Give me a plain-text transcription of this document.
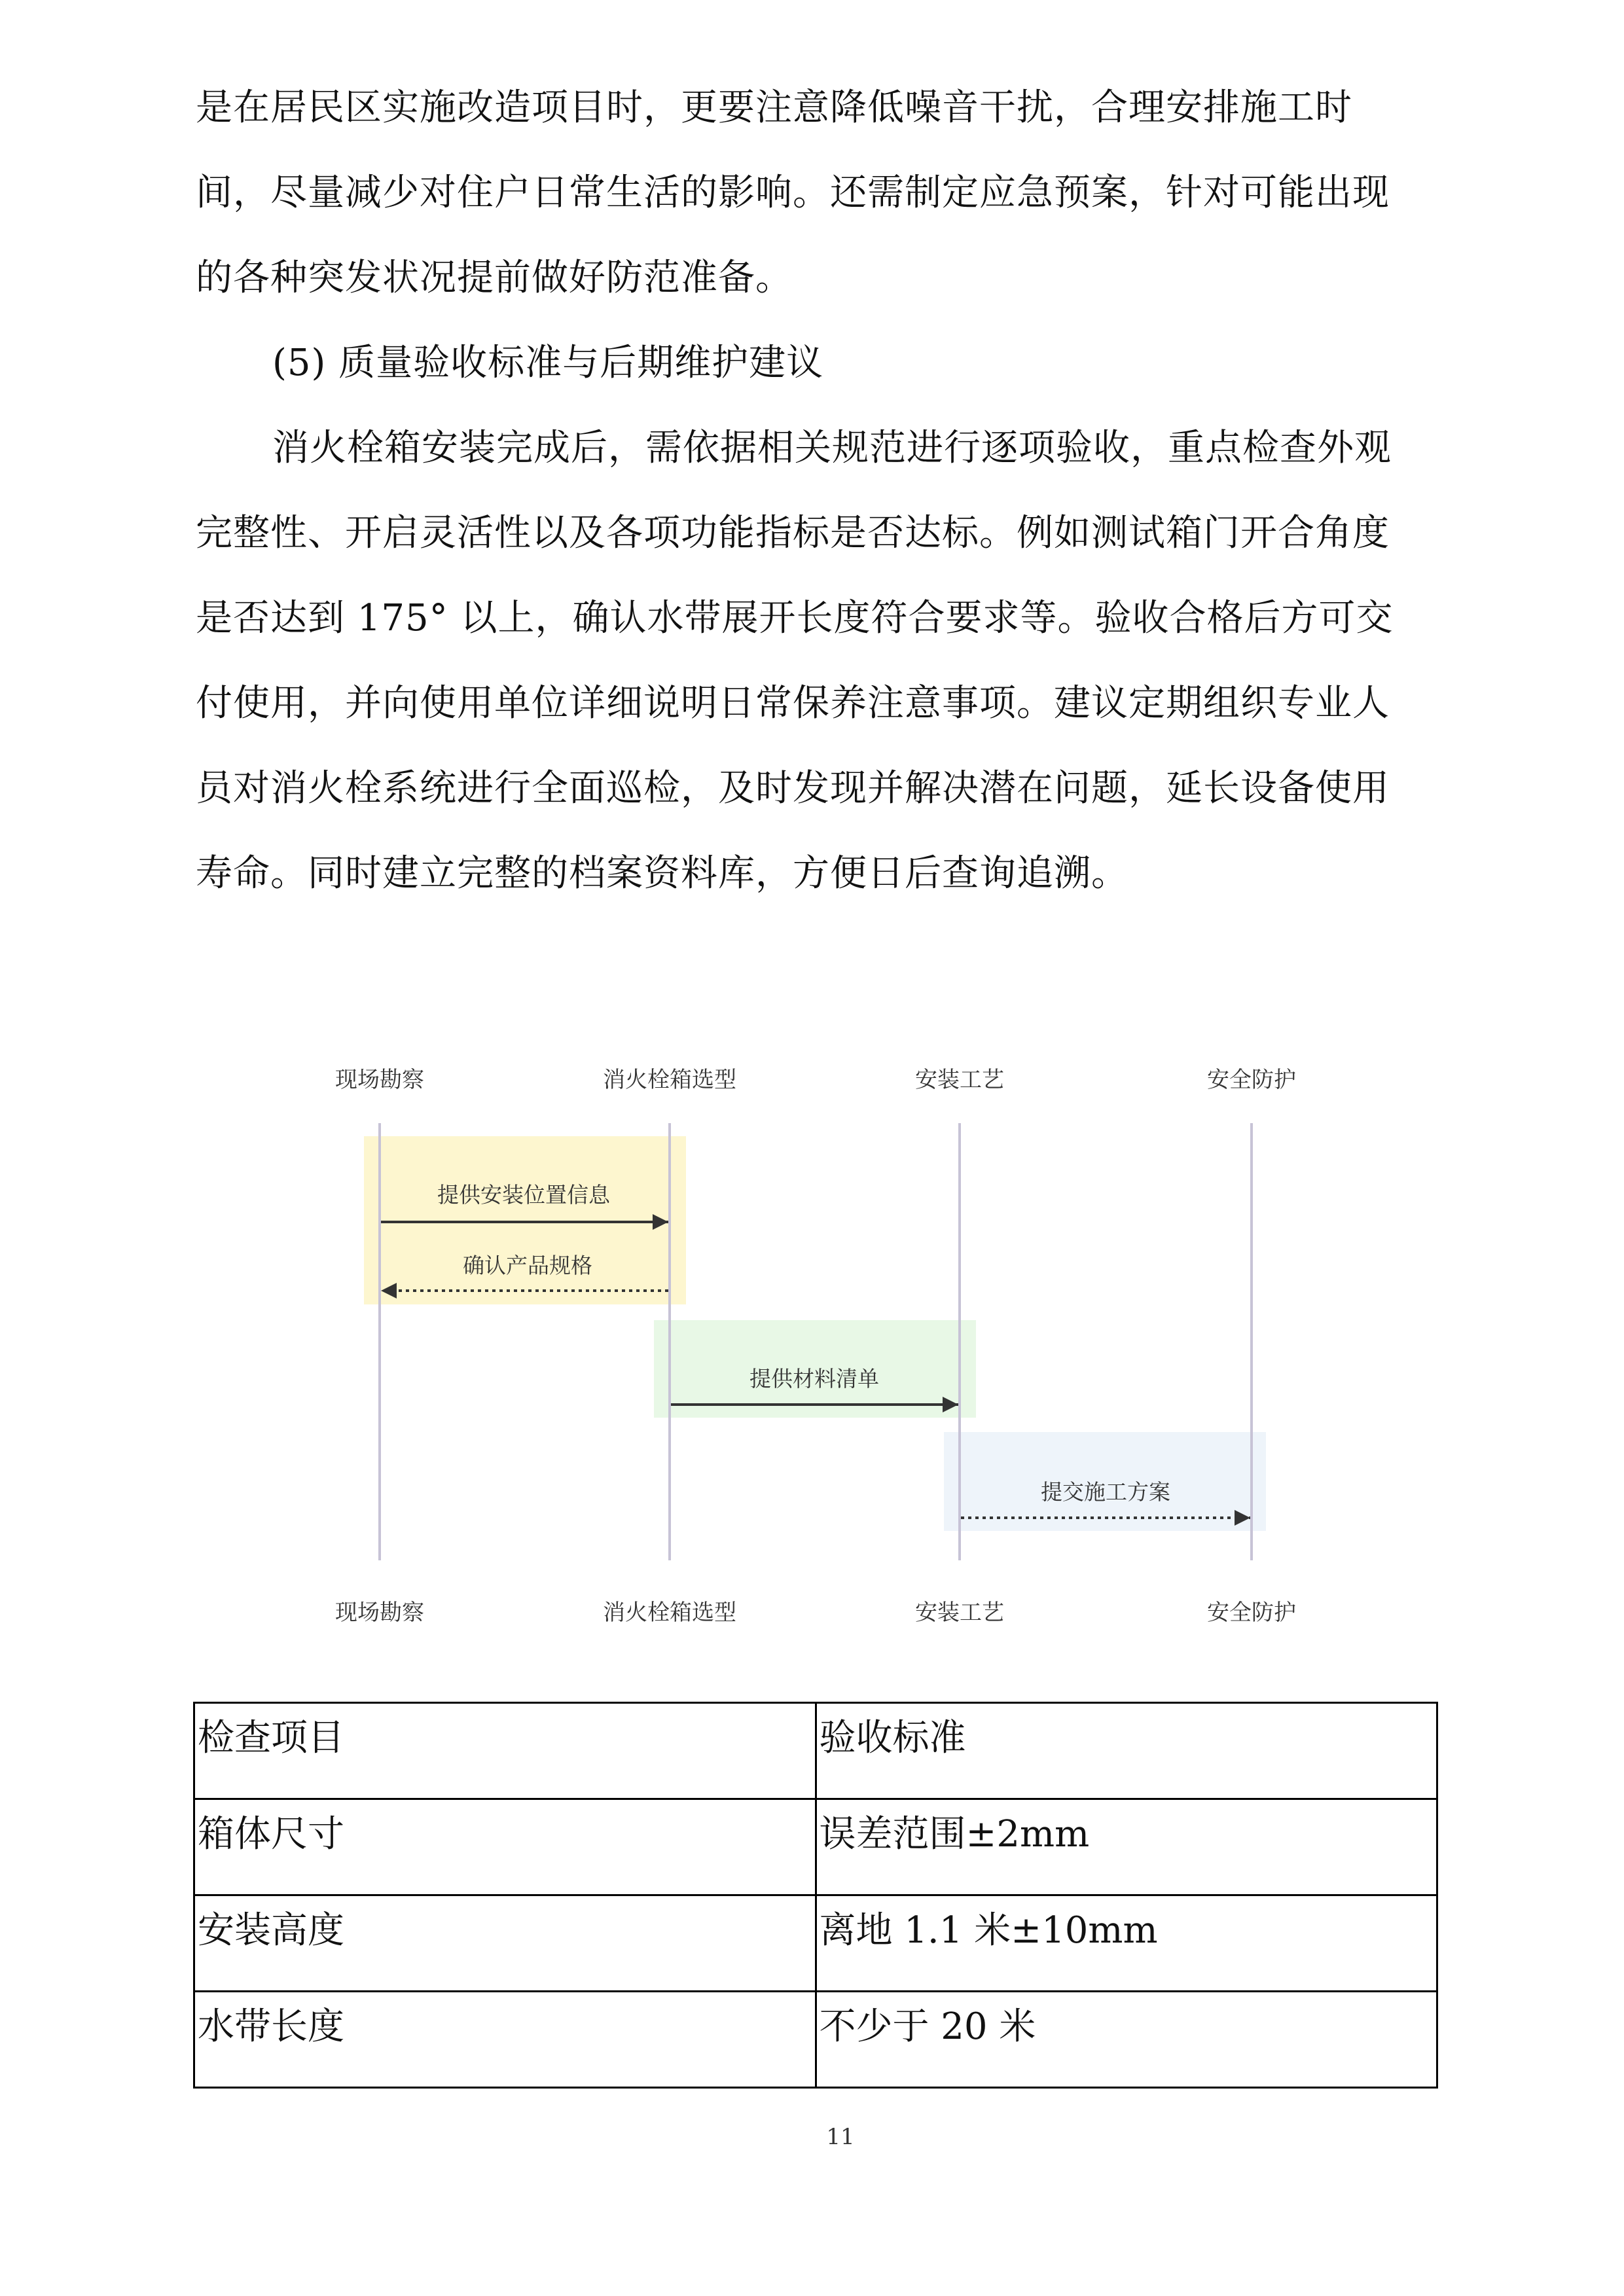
是在居民区实施改造项目时，更要注意降低噪音干扰，合理安排施工时
间，尽量减少对住户日常生活的影响。还需制定应急预案，针对可能出现
的各种突发状况提前做好防范准备。
(5) 质量验收标准与后期维护建议
消火栓箱安装完成后，需依据相关规范进行逐项验收，重点检查外观
完整性、开启灵活性以及各项功能指标是否达标。例如测试箱门开合角度
是否达到 175° 以上，确认水带展开长度符合要求等。验收合格后方可交
付使用，并向使用单位详细说明日常保养注意事项。建议定期组织专业人
员对消火栓系统进行全面巡检，及时发现并解决潜在问题，延长设备使用
寿命。同时建立完整的档案资料库，方便日后查询追溯。
现场勘察	消火栓箱选型	安装工艺	安全防护
现场勘察	消火栓箱选型	安装工艺	安全防护
提供安装位置信息
确认产品规格
提供材料清单
提交施工方案
检查项目	验收标准
箱体尺寸	误差范围±2mm
安装高度	离地 1.1 米±10mm
水带长度	不少于 20 米
11
